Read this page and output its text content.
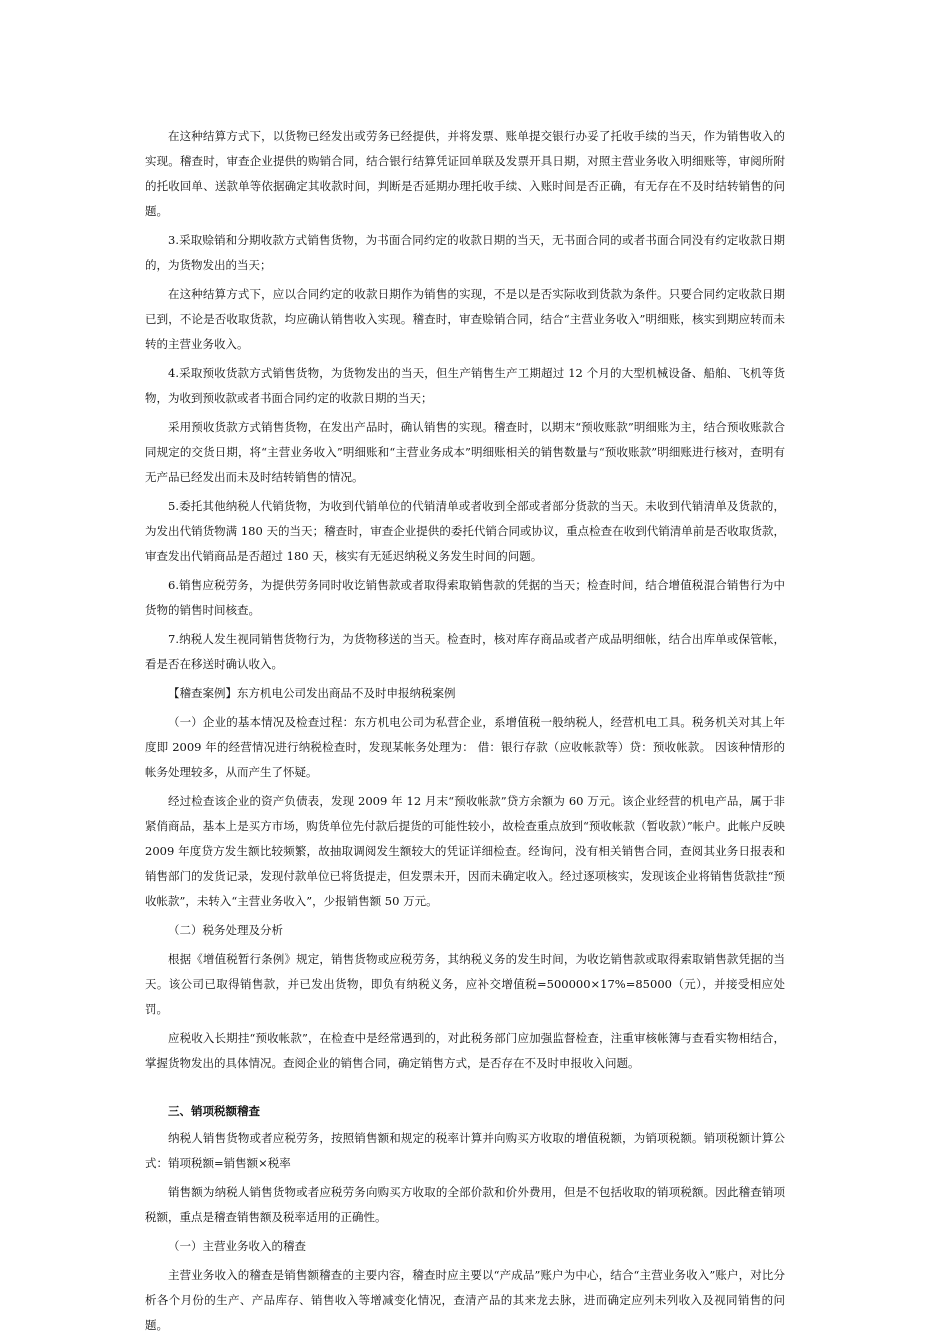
在这种结算方式下，以货物已经发出或劳务已经提供，并将发票、账单提交银行办妥了托收手续的当天，作为销售收入的实现。稽查时，审查企业提供的购销合同，结合银行结算凭证回单联及发票开具日期，对照主营业务收入明细账等，审阅所附的托收回单、送款单等依据确定其收款时间，判断是否延期办理托收手续、入账时间是否正确，有无存在不及时结转销售的问题。

3.采取赊销和分期收款方式销售货物，为书面合同约定的收款日期的当天，无书面合同的或者书面合同没有约定收款日期的，为货物发出的当天；

在这种结算方式下，应以合同约定的收款日期作为销售的实现，不是以是否实际收到货款为条件。只要合同约定收款日期已到，不论是否收取货款，均应确认销售收入实现。稽查时，审查赊销合同，结合“主营业务收入”明细账，核实到期应转而未转的主营业务收入。

4.采取预收货款方式销售货物，为货物发出的当天，但生产销售生产工期超过 12 个月的大型机械设备、船舶、飞机等货物，为收到预收款或者书面合同约定的收款日期的当天；

采用预收货款方式销售货物，在发出产品时，确认销售的实现。稽查时，以期末“预收账款”明细账为主，结合预收账款合同规定的交货日期，将“主营业务收入”明细账和“主营业务成本”明细账相关的销售数量与“预收账款”明细账进行核对，查明有无产品已经发出而未及时结转销售的情况。

5.委托其他纳税人代销货物，为收到代销单位的代销清单或者收到全部或者部分货款的当天。未收到代销清单及货款的，为发出代销货物满 180 天的当天；稽查时，审查企业提供的委托代销合同或协议，重点检查在收到代销清单前是否收取货款，审查发出代销商品是否超过 180 天，核实有无延迟纳税义务发生时间的问题。

6.销售应税劳务，为提供劳务同时收讫销售款或者取得索取销售款的凭据的当天；检查时间，结合增值税混合销售行为中货物的销售时间核查。

7.纳税人发生视同销售货物行为，为货物移送的当天。检查时，核对库存商品或者产成品明细帐，结合出库单或保管帐，看是否在移送时确认收入。

【稽查案例】东方机电公司发出商品不及时申报纳税案例

（一）企业的基本情况及检查过程：东方机电公司为私营企业，系增值税一般纳税人，经营机电工具。税务机关对其上年度即 2009 年的经营情况进行纳税检查时，发现某帐务处理为： 借：银行存款（应收帐款等）贷：预收帐款。 因该种情形的帐务处理较多，从而产生了怀疑。

经过检查该企业的资产负债表，发现 2009 年 12 月末“预收帐款”贷方余额为 60 万元。该企业经营的机电产品，属于非紧俏商品，基本上是买方市场，购货单位先付款后提货的可能性较小，故检查重点放到“预收帐款（暂收款）”帐户。此帐户反映 2009 年度贷方发生额比较频繁，故抽取调阅发生额较大的凭证详细检查。经询问，没有相关销售合同，查阅其业务日报表和销售部门的发货记录，发现付款单位已将货提走，但发票未开，因而未确定收入。经过逐项核实，发现该企业将销售货款挂“预收帐款”，未转入“主营业务收入”，少报销售额 50 万元。

（二）税务处理及分析

根据《增值税暂行条例》规定，销售货物或应税劳务，其纳税义务的发生时间，为收讫销售款或取得索取销售款凭据的当天。该公司已取得销售款，并已发出货物，即负有纳税义务，应补交增值税=500000×17%=85000（元），并接受相应处罚。

应税收入长期挂“预收帐款”，在检查中是经常遇到的，对此税务部门应加强监督检查，注重审核帐簿与查看实物相结合，掌握货物发出的具体情况。查阅企业的销售合同，确定销售方式，是否存在不及时申报收入问题。

三、销项税额稽查

纳税人销售货物或者应税劳务，按照销售额和规定的税率计算并向购买方收取的增值税额，为销项税额。销项税额计算公式：销项税额=销售额×税率

销售额为纳税人销售货物或者应税劳务向购买方收取的全部价款和价外费用，但是不包括收取的销项税额。因此稽查销项税额，重点是稽查销售额及税率适用的正确性。

（一）主营业务收入的稽查

主营业务收入的稽查是销售额稽查的主要内容，稽查时应主要以“产成品”账户为中心，结合“主营业务收入”账户，对比分析各个月份的生产、产品库存、销售收入等增减变化情况，查清产品的其来龙去脉，进而确定应列未列收入及视同销售的问题。
